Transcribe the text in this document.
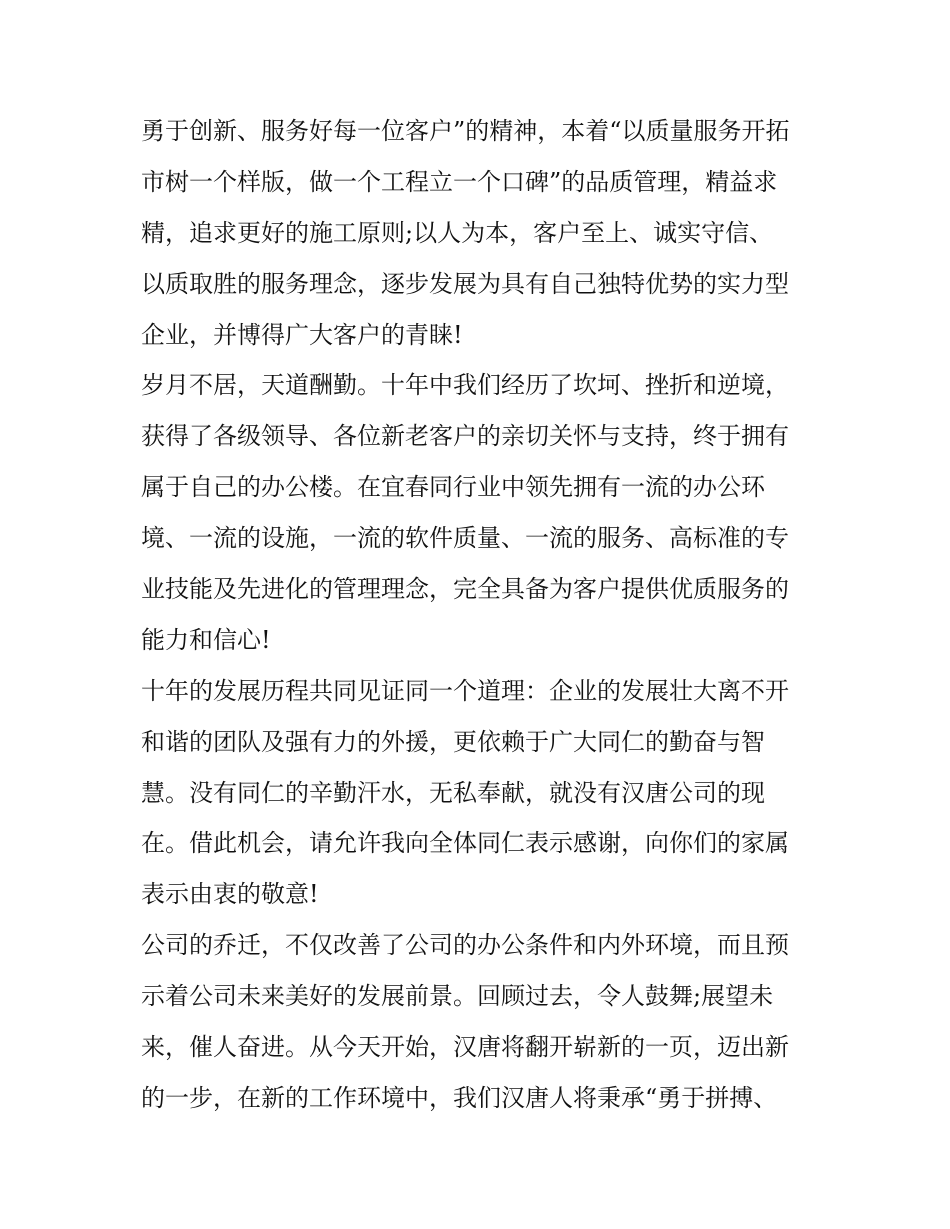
勇于创新、服务好每一位客户”的精神，本着“以质量服务开拓
市树一个样版，做一个工程立一个口碑”的品质管理，精益求
精，追求更好的施工原则;以人为本，客户至上、诚实守信、
以质取胜的服务理念，逐步发展为具有自己独特优势的实力型
企业，并博得广大客户的青睐!
岁月不居，天道酬勤。十年中我们经历了坎坷、挫折和逆境，
获得了各级领导、各位新老客户的亲切关怀与支持，终于拥有
属于自己的办公楼。在宜春同行业中领先拥有一流的办公环
境、一流的设施，一流的软件质量、一流的服务、高标准的专
业技能及先进化的管理理念，完全具备为客户提供优质服务的
能力和信心!
十年的发展历程共同见证同一个道理：企业的发展壮大离不开
和谐的团队及强有力的外援，更依赖于广大同仁的勤奋与智
慧。没有同仁的辛勤汗水，无私奉献，就没有汉唐公司的现
在。借此机会，请允许我向全体同仁表示感谢，向你们的家属
表示由衷的敬意!
公司的乔迁，不仅改善了公司的办公条件和内外环境，而且预
示着公司未来美好的发展前景。回顾过去，令人鼓舞;展望未
来，催人奋进。从今天开始，汉唐将翻开崭新的一页，迈出新
的一步，在新的工作环境中，我们汉唐人将秉承“勇于拼搏、
